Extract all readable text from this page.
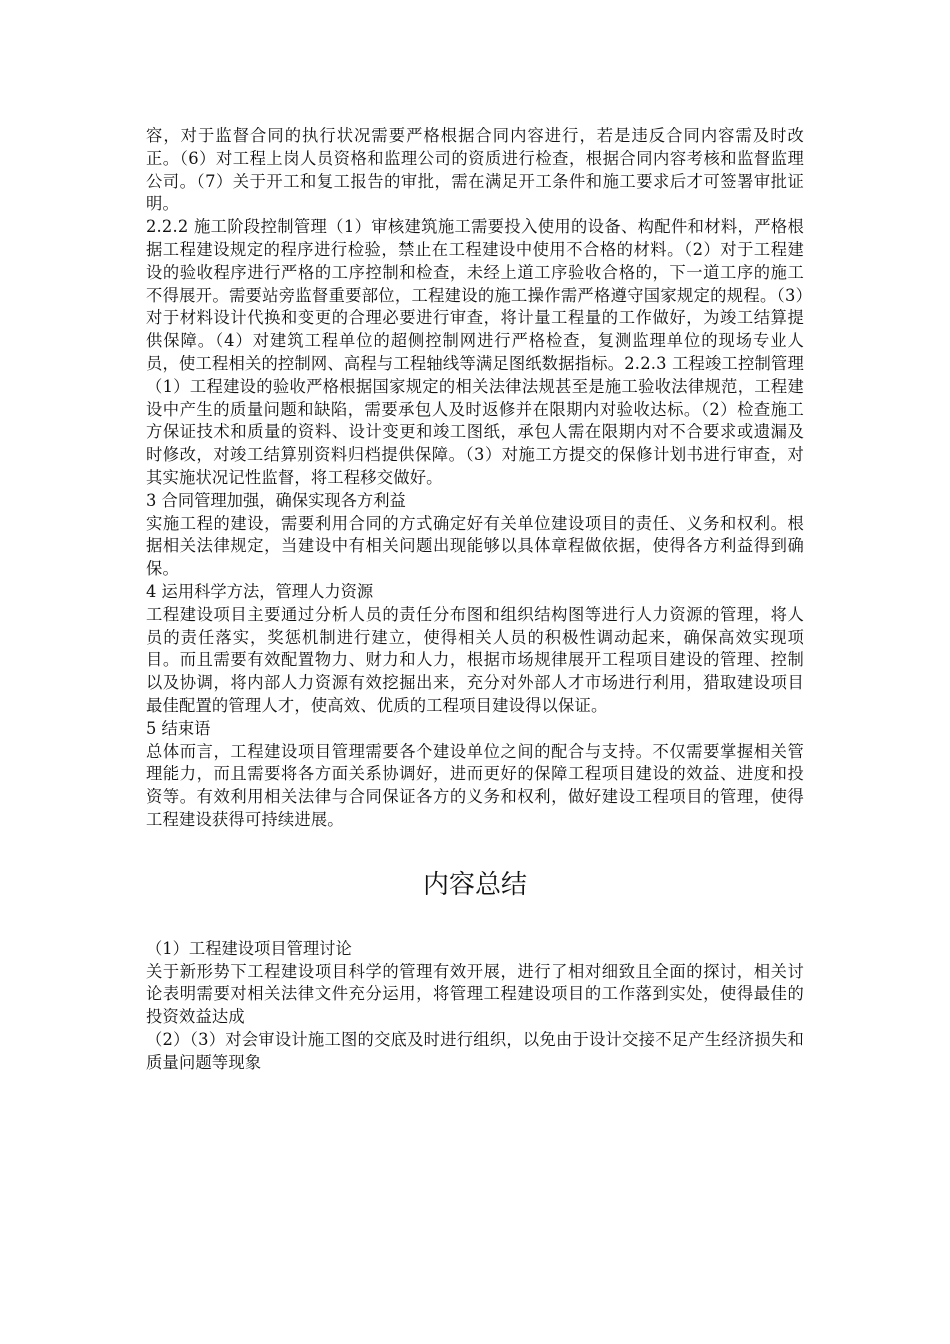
容，对于监督合同的执行状况需要严格根据合同内容进行，若是违反合同内容需及时改正。（6）对工程上岗人员资格和监理公司的资质进行检查，根据合同内容考核和监督监理公司。（7）关于开工和复工报告的审批，需在满足开工条件和施工要求后才可签署审批证明。

2.2.2 施工阶段控制管理（1）审核建筑施工需要投入使用的设备、构配件和材料，严格根据工程建设规定的程序进行检验，禁止在工程建设中使用不合格的材料。（2）对于工程建设的验收程序进行严格的工序控制和检查，未经上道工序验收合格的，下一道工序的施工不得展开。需要站旁监督重要部位，工程建设的施工操作需严格遵守国家规定的规程。（3）对于材料设计代换和变更的合理必要进行审查，将计量工程量的工作做好，为竣工结算提供保障。（4）对建筑工程单位的超侧控制网进行严格检查，复测监理单位的现场专业人员，使工程相关的控制网、高程与工程轴线等满足图纸数据指标。2.2.3 工程竣工控制管理（1）工程建设的验收严格根据国家规定的相关法律法规甚至是施工验收法律规范，工程建设中产生的质量问题和缺陷，需要承包人及时返修并在限期内对验收达标。（2）检查施工方保证技术和质量的资料、设计变更和竣工图纸，承包人需在限期内对不合要求或遗漏及时修改，对竣工结算别资料归档提供保障。（3）对施工方提交的保修计划书进行审查，对其实施状况记性监督，将工程移交做好。

3 合同管理加强，确保实现各方利益

实施工程的建设，需要利用合同的方式确定好有关单位建设项目的责任、义务和权利。根据相关法律规定，当建设中有相关问题出现能够以具体章程做依据，使得各方利益得到确保。

4 运用科学方法，管理人力资源

工程建设项目主要通过分析人员的责任分布图和组织结构图等进行人力资源的管理，将人员的责任落实，奖惩机制进行建立，使得相关人员的积极性调动起来，确保高效实现项目。而且需要有效配置物力、财力和人力，根据市场规律展开工程项目建设的管理、控制以及协调，将内部人力资源有效挖掘出来，充分对外部人才市场进行利用，猎取建设项目最佳配置的管理人才，使高效、优质的工程项目建设得以保证。

5 结束语

总体而言，工程建设项目管理需要各个建设单位之间的配合与支持。不仅需要掌握相关管理能力，而且需要将各方面关系协调好，进而更好的保障工程项目建设的效益、进度和投资等。有效利用相关法律与合同保证各方的义务和权利，做好建设工程项目的管理，使得工程建设获得可持续进展。

内容总结

（1）工程建设项目管理讨论

关于新形势下工程建设项目科学的管理有效开展，进行了相对细致且全面的探讨，相关讨论表明需要对相关法律文件充分运用，将管理工程建设项目的工作落到实处，使得最佳的投资效益达成

（2）（3）对会审设计施工图的交底及时进行组织，以免由于设计交接不足产生经济损失和质量问题等现象
